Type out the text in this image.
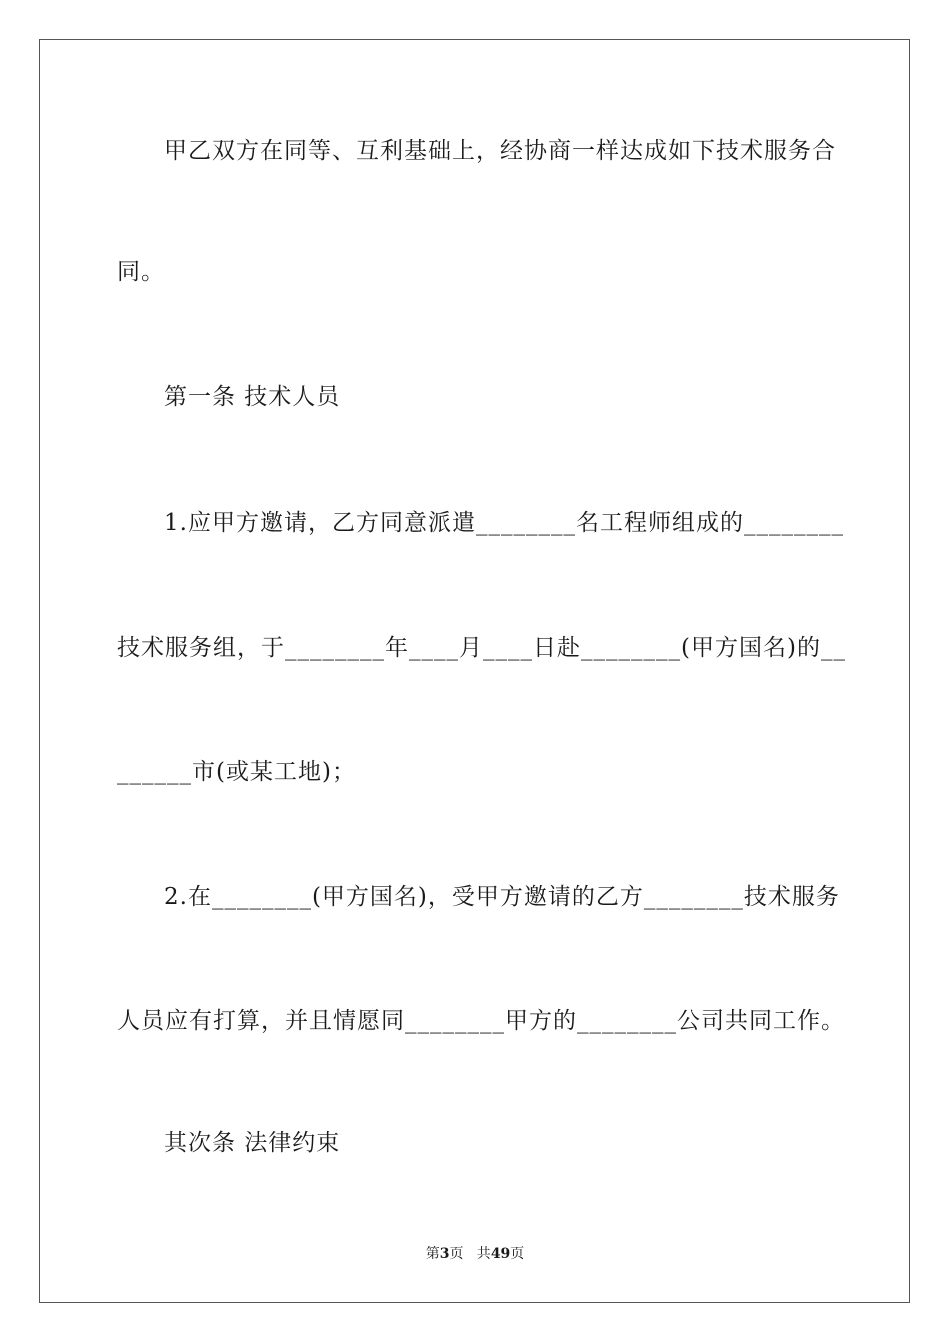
甲乙双方在同等、互利基础上，经协商一样达成如下技术服务合
同。
第一条 技术人员
1.应甲方邀请，乙方同意派遣________名工程师组成的________
技术服务组，于________年____月____日赴________(甲方国名)的__
______市(或某工地)；
2.在________(甲方国名)，受甲方邀请的乙方________技术服务
人员应有打算，并且情愿同________甲方的________公司共同工作。
其次条 法律约束
第3页   共49页
